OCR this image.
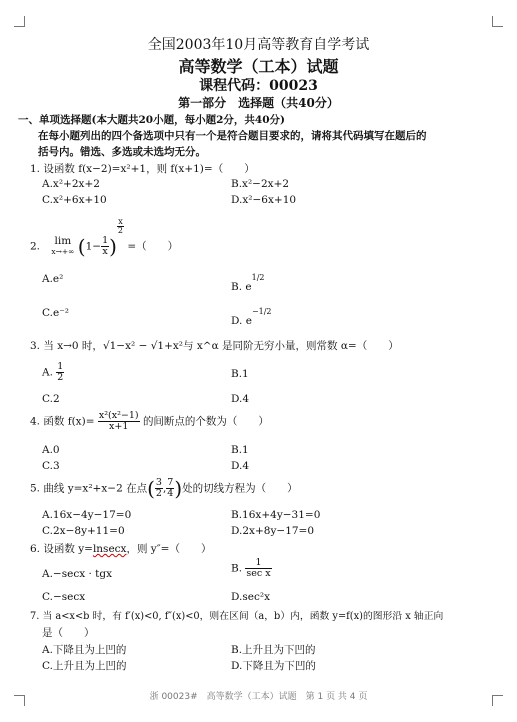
全国2003年10月高等教育自学考试
高等数学（工本）试题
课程代码：00023
第一部分　选择题（共40分）
一、单项选择题(本大题共20小题，每小题2分，共40分)
在每小题列出的四个备选项中只有一个是符合题目要求的，请将其代码填写在题后的
括号内。错选、多选或未选均无分。
1. 设函数 f(x−2)=x²+1，则 f(x+1)=（　　）
A.x²+2x+2	B.x²−2x+2
C.x²+6x+10	D.x²−6x+10
2.	lim
x→+∞ ($1- \frac{1}{x}$ )
$\frac{x}{2}$
=（　　）
A.e²
B. $e^{1/2}$
C.e⁻²
D. $e^{-1/2}$
3. 当 x→0 时，√1−x² − √1+x²与 x^α 是同阶无穷小量，则常数 α=（　　）
A. $\frac{1}{2}$	B.1
C.2	D.4
4. 函数 $f(x)= \frac{\text{x²(x²−1)}}{x+1}$ 的间断点的个数为（　　）
A.0	B.1
C.3	D.4
5. 曲线 y=x²+x−2 在点( $\frac{3}{2}$ , $\frac{7}{4}$ )处的切线方程为（　　）
A.16x−4y−17=0	B.16x+4y−31=0
C.2x−8y+11=0	D.2x+8y−17=0
6. 设函数 y=lnsecx，则 y″=（　　）
A.−secx · tgx	B. $\frac{1}{\text{sec x}}$
C.−secx	D.sec²x
7. 当 a<x<b 时，有 f′(x)<0, f″(x)<0，则在区间（a，b）内，函数 y=f(x)的图形沿 x 轴正向
是（　　）
A.下降且为上凹的	B.上升且为下凹的
C.上升且为上凹的	D.下降且为下凹的
浙 00023#　高等数学（工本）试题　第 1 页 共 4 页
